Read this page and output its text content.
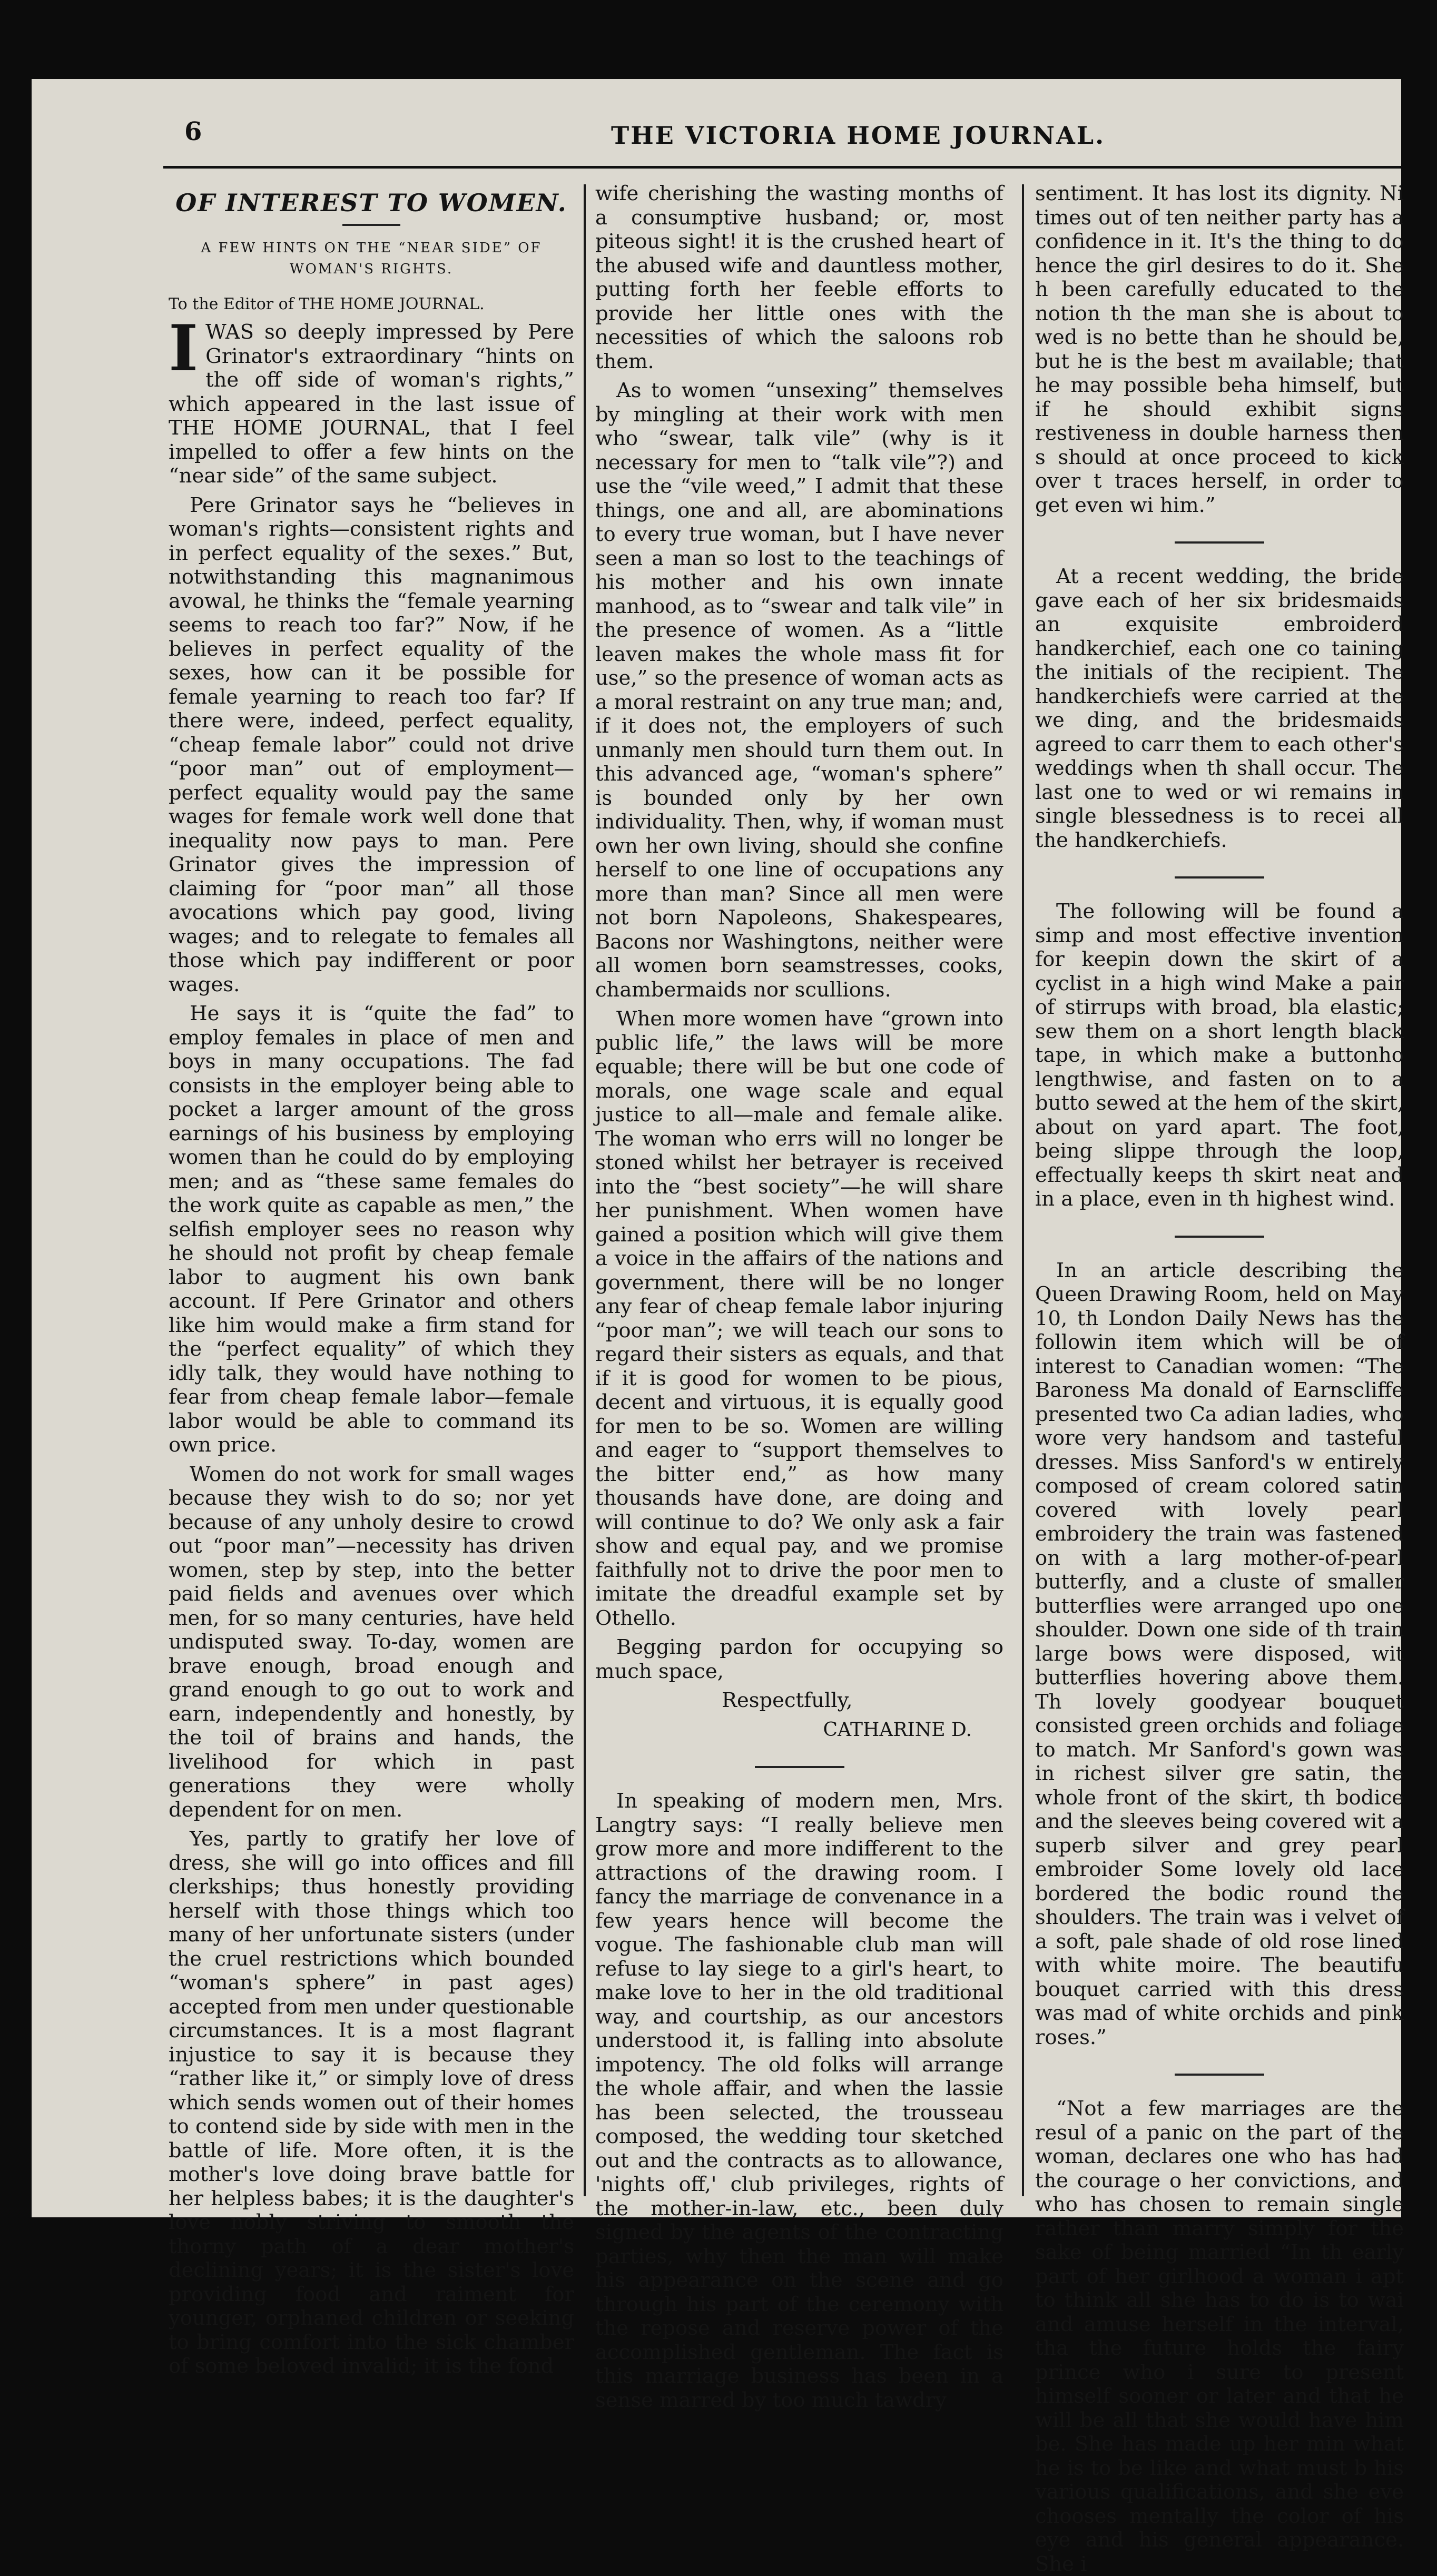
6	THE VICTORIA HOME JOURNAL.
OF INTEREST TO WOMEN.
A FEW HINTS ON THE “NEAR SIDE” OF WOMAN'S RIGHTS.

To the Editor of THE HOME JOURNAL.

IWAS so deeply impressed by Pere Grinator's extraordinary “hints on the off side of woman's rights,” which appeared in the last issue of THE HOME JOURNAL, that I feel impelled to offer a few hints on the “near side” of the same subject.

Pere Grinator says he “believes in woman's rights—consistent rights and in perfect equality of the sexes.” But, notwithstanding this magnanimous avowal, he thinks the “female yearning seems to reach too far?” Now, if he believes in perfect equality of the sexes, how can it be possible for female yearning to reach too far? If there were, indeed, perfect equality, “cheap female labor” could not drive “poor man” out of employment—perfect equality would pay the same wages for female work well done that inequality now pays to man. Pere Grinator gives the impression of claiming for “poor man” all those avocations which pay good, living wages; and to relegate to females all those which pay indifferent or poor wages.

He says it is “quite the fad” to employ females in place of men and boys in many occupations. The fad consists in the employer being able to pocket a larger amount of the gross earnings of his business by employing women than he could do by employing men; and as “these same females do the work quite as capable as men,” the selfish employer sees no reason why he should not profit by cheap female labor to augment his own bank account. If Pere Grinator and others like him would make a firm stand for the “perfect equality” of which they idly talk, they would have nothing to fear from cheap female labor—female labor would be able to command its own price.

Women do not work for small wages because they wish to do so; nor yet because of any unholy desire to crowd out “poor man”—necessity has driven women, step by step, into the better paid fields and avenues over which men, for so many centuries, have held undisputed sway. To-day, women are brave enough, broad enough and grand enough to go out to work and earn, independently and honestly, by the toil of brains and hands, the livelihood for which in past generations they were wholly dependent for on men.

Yes, partly to gratify her love of dress, she will go into offices and fill clerkships; thus honestly providing herself with those things which too many of her unfortunate sisters (under the cruel restrictions which bounded “woman's sphere” in past ages) accepted from men under questionable circumstances. It is a most flagrant injustice to say it is because they “rather like it,” or simply love of dress which sends women out of their homes to contend side by side with men in the battle of life. More often, it is the mother's love doing brave battle for her helpless babes; it is the daughter's love nobly striving to smooth the thorny path of a dear mother's declining years; it is the sister's love providing food and raiment for younger, orphaned children or seeking to bring comfort into the sick chamber of some beloved invalid; it is the fond

wife cherishing the wasting months of a consumptive husband; or, most piteous sight! it is the crushed heart of the abused wife and dauntless mother, putting forth her feeble efforts to provide her little ones with the necessities of which the saloons rob them.

As to women “unsexing” themselves by mingling at their work with men who “swear, talk vile” (why is it necessary for men to “talk vile”?) and use the “vile weed,” I admit that these things, one and all, are abominations to every true woman, but I have never seen a man so lost to the teachings of his mother and his own innate manhood, as to “swear and talk vile” in the presence of women. As a “little leaven makes the whole mass fit for use,” so the presence of woman acts as a moral restraint on any true man; and, if it does not, the employers of such unmanly men should turn them out. In this advanced age, “woman's sphere” is bounded only by her own individuality. Then, why, if woman must own her own living, should she confine herself to one line of occupations any more than man? Since all men were not born Napoleons, Shakespeares, Bacons nor Washingtons, neither were all women born seamstresses, cooks, chambermaids nor scullions.

When more women have “grown into public life,” the laws will be more equable; there will be but one code of morals, one wage scale and equal justice to all—male and female alike. The woman who errs will no longer be stoned whilst her betrayer is received into the “best society”—he will share her punishment. When women have gained a position which will give them a voice in the affairs of the nations and government, there will be no longer any fear of cheap female labor injuring “poor man”; we will teach our sons to regard their sisters as equals, and that if it is good for women to be pious, decent and virtuous, it is equally good for men to be so. Women are willing and eager to “support themselves to the bitter end,” as how many thousands have done, are doing and will continue to do? We only ask a fair show and equal pay, and we promise faithfully not to drive the poor men to imitate the dreadful example set by Othello.

Begging pardon for occupying so much space,

Respectfully,

CATHARINE D.

In speaking of modern men, Mrs. Langtry says: “I really believe men grow more and more indifferent to the attractions of the drawing room. I fancy the marriage de convenance in a few years hence will become the vogue. The fashionable club man will refuse to lay siege to a girl's heart, to make love to her in the old traditional way, and courtship, as our ancestors understood it, is falling into absolute impotency. The old folks will arrange the whole affair, and when the lassie has been selected, the trousseau composed, the wedding tour sketched out and the contracts as to allowance, 'nights off,' club privileges, rights of the mother-in-law, etc., been duly signed by the agents of the contracting parties, why then the man will make his appearance on the scene and go through his part of the ceremony with the repose and reserve power of the accomplished gentleman. The fact is this marriage business has been in a sense marred by too much tawdry

sentiment. It has lost its dignity. Ni times out of ten neither party has a confidence in it. It's the thing to do hence the girl desires to do it. She h been carefully educated to the notion th the man she is about to wed is no bette than he should be, but he is the best m available; that he may possible beha himself, but if he should exhibit signs restiveness in double harness then s should at once proceed to kick over t traces herself, in order to get even wi him.”

At a recent wedding, the bride gave each of her six bridesmaids an exquisite embroiderd handkerchief, each one co taining the initials of the recipient. The handkerchiefs were carried at the we ding, and the bridesmaids agreed to carr them to each other's weddings when th shall occur. The last one to wed or wi remains in single blessedness is to recei all the handkerchiefs.

The following will be found a simp and most effective invention for keepin down the skirt of a cyclist in a high wind Make a pair of stirrups with broad, bla elastic; sew them on a short length black tape, in which make a buttonho lengthwise, and fasten on to a butto sewed at the hem of the skirt, about on yard apart. The foot, being slippe through the loop, effectually keeps th skirt neat and in a place, even in th highest wind.

In an article describing the Queen Drawing Room, held on May 10, th London Daily News has the followin item which will be of interest to Canadian women: “The Baroness Ma donald of Earnscliffe presented two Ca adian ladies, who wore very handsom and tasteful dresses. Miss Sanford's w entirely composed of cream colored satin covered with lovely pearl embroidery the train was fastened on with a larg mother-of-pearl butterfly, and a cluste of smaller butterflies were arranged upo one shoulder. Down one side of th train large bows were disposed, wit butterflies hovering above them. Th lovely goodyear bouquet consisted green orchids and foliage to match. Mr Sanford's gown was in richest silver gre satin, the whole front of the skirt, th bodice and the sleeves being covered wit a superb silver and grey pearl embroider Some lovely old lace bordered the bodic round the shoulders. The train was i velvet of a soft, pale shade of old rose lined with white moire. The beautifu bouquet carried with this dress was mad of white orchids and pink roses.”

“Not a few marriages are the resul of a panic on the part of the woman, declares one who has had the courage o her convictions, and who has chosen to remain single rather than marry simply for the sake of being married “In th early part of her girlhood a woman i apt to think all she has to do is to wai and amuse herself in the interval, tha the future holds the fairy prince who i sure to present himself sooner or later and that he will be all that she would have him be. She has made up her min what he is to be like and what must b his various qualifications, and she eve chooses mentally the color of his eye and his general appearance. She i
